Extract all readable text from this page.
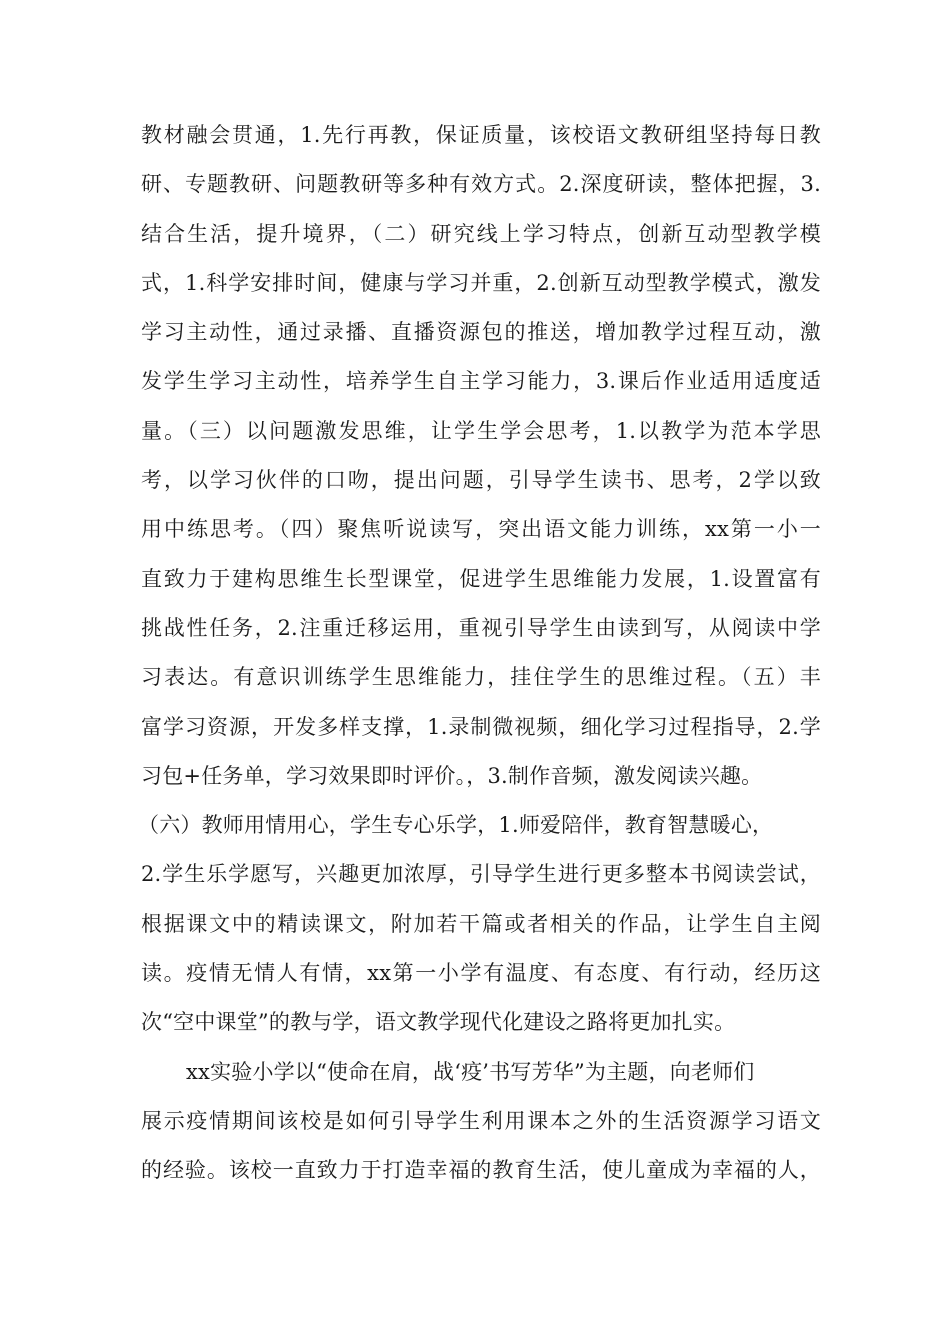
教材融会贯通，1.先行再教，保证质量，该校语文教研组坚持每日教
研、专题教研、问题教研等多种有效方式。2.深度研读，整体把握，3.
结合生活，提升境界，（二）研究线上学习特点，创新互动型教学模
式，1.科学安排时间，健康与学习并重，2.创新互动型教学模式，激发
学习主动性，通过录播、直播资源包的推送，增加教学过程互动，激
发学生学习主动性，培养学生自主学习能力，3.课后作业适用适度适
量。（三）以问题激发思维，让学生学会思考，1.以教学为范本学思
考，以学习伙伴的口吻，提出问题，引导学生读书、思考，2学以致
用中练思考。（四）聚焦听说读写，突出语文能力训练，xx第一小一
直致力于建构思维生长型课堂，促进学生思维能力发展，1.设置富有
挑战性任务，2.注重迁移运用，重视引导学生由读到写，从阅读中学
习表达。有意识训练学生思维能力，挂住学生的思维过程。（五）丰
富学习资源，开发多样支撑，1.录制微视频，细化学习过程指导，2.学
习包+任务单，学习效果即时评价。，3.制作音频，激发阅读兴趣。
（六）教师用情用心，学生专心乐学，1.师爱陪伴，教育智慧暖心，
2.学生乐学愿写，兴趣更加浓厚，引导学生进行更多整本书阅读尝试，
根据课文中的精读课文，附加若干篇或者相关的作品，让学生自主阅
读。疫情无情人有情，xx第一小学有温度、有态度、有行动，经历这
次“空中课堂”的教与学，语文教学现代化建设之路将更加扎实。
xx实验小学以“使命在肩，战‘疫’书写芳华”为主题，向老师们
展示疫情期间该校是如何引导学生利用课本之外的生活资源学习语文
的经验。该校一直致力于打造幸福的教育生活，使儿童成为幸福的人，
